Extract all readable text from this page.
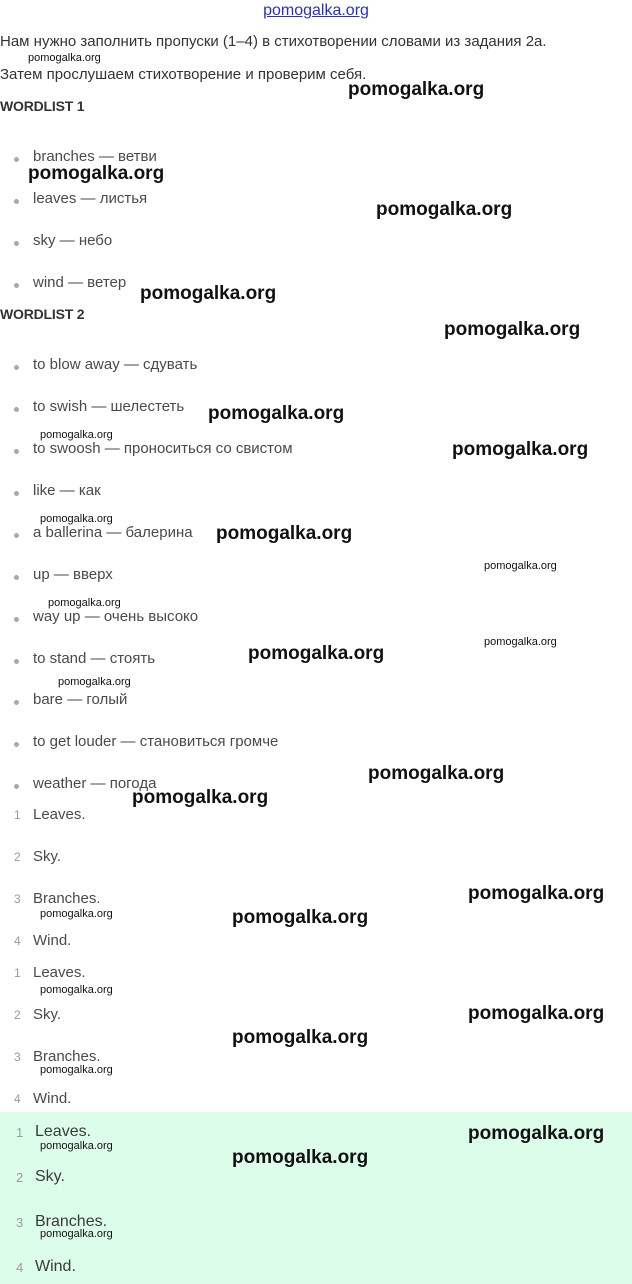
pomogalka.org
Нам нужно заполнить пропуски (1–4) в стихотворении словами из задания 2а.
Затем прослушаем стихотворение и проверим себя.
WORDLIST 1
branches — ветви
leaves — листья
sky — небо
wind — ветер
WORDLIST 2
to blow away — сдувать
to swish — шелестеть
to swoosh — проноситься со свистом
like — как
a ballerina — балерина
up — вверх
way up — очень высоко
to stand — стоять
bare — голый
to get louder — становиться громче
weather — погода
1 Leaves.
2 Sky.
3 Branches.
4 Wind.
1 Leaves.
2 Sky.
3 Branches.
4 Wind.
1 Leaves.
2 Sky.
3 Branches.
4 Wind.
pomogalka.org
pomogalka.org
pomogalka.org
pomogalka.org
pomogalka.org
pomogalka.org
pomogalka.org
pomogalka.org
pomogalka.org
pomogalka.org
pomogalka.org
pomogalka.org
pomogalka.org
pomogalka.org
pomogalka.org
pomogalka.org
pomogalka.org
pomogalka.org
pomogalka.org
pomogalka.org	pomogalka.org
pomogalka.org
pomogalka.org
pomogalka.org
pomogalka.org
pomogalka.org
pomogalka.org
pomogalka.org
pomogalka.org
